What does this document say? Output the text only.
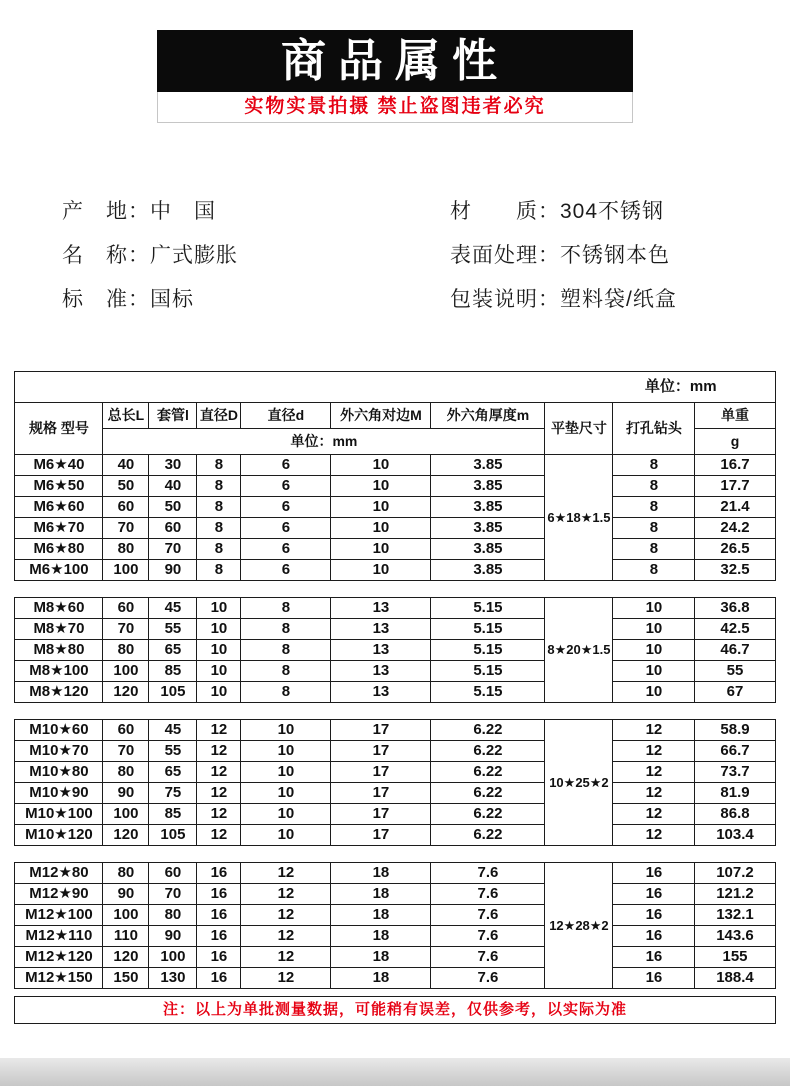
商品属性
实物实景拍摄 禁止盗图违者必究
产　地：中　国
名　称：广式膨胀
标　准：国标
材　　质：304不锈钢
表面处理：不锈钢本色
包装说明：塑料袋/纸盒
单位：mm									
规格 型号	总长L	套管l	直径D	直径d	外六角对边M	外六角厚度m	平垫尺寸	打孔钻头	单重
	单位：mm								g
M6★40	40	30	8	6	10	3.85	6★18★1.5	8	16.7
M6★50	50	40	8	6	10	3.85		8	17.7
M6★60	60	50	8	6	10	3.85		8	21.4
M6★70	70	60	8	6	10	3.85		8	24.2
M6★80	80	70	8	6	10	3.85		8	26.5
M6★100	100	90	8	6	10	3.85		8	32.5

M8★60	60	45	10	8	13	5.15	8★20★1.5	10	36.8
M8★70	70	55	10	8	13	5.15		10	42.5
M8★80	80	65	10	8	13	5.15		10	46.7
M8★100	100	85	10	8	13	5.15		10	55
M8★120	120	105	10	8	13	5.15		10	67

M10★60	60	45	12	10	17	6.22	10★25★2	12	58.9
M10★70	70	55	12	10	17	6.22		12	66.7
M10★80	80	65	12	10	17	6.22		12	73.7
M10★90	90	75	12	10	17	6.22		12	81.9
M10★100	100	85	12	10	17	6.22		12	86.8
M10★120	120	105	12	10	17	6.22		12	103.4

M12★80	80	60	16	12	18	7.6	12★28★2	16	107.2
M12★90	90	70	16	12	18	7.6		16	121.2
M12★100	100	80	16	12	18	7.6		16	132.1
M12★110	110	90	16	12	18	7.6		16	143.6
M12★120	120	100	16	12	18	7.6		16	155
M12★150	150	130	16	12	18	7.6		16	188.4

注：以上为单批测量数据，可能稍有误差，仅供参考，以实际为准									
